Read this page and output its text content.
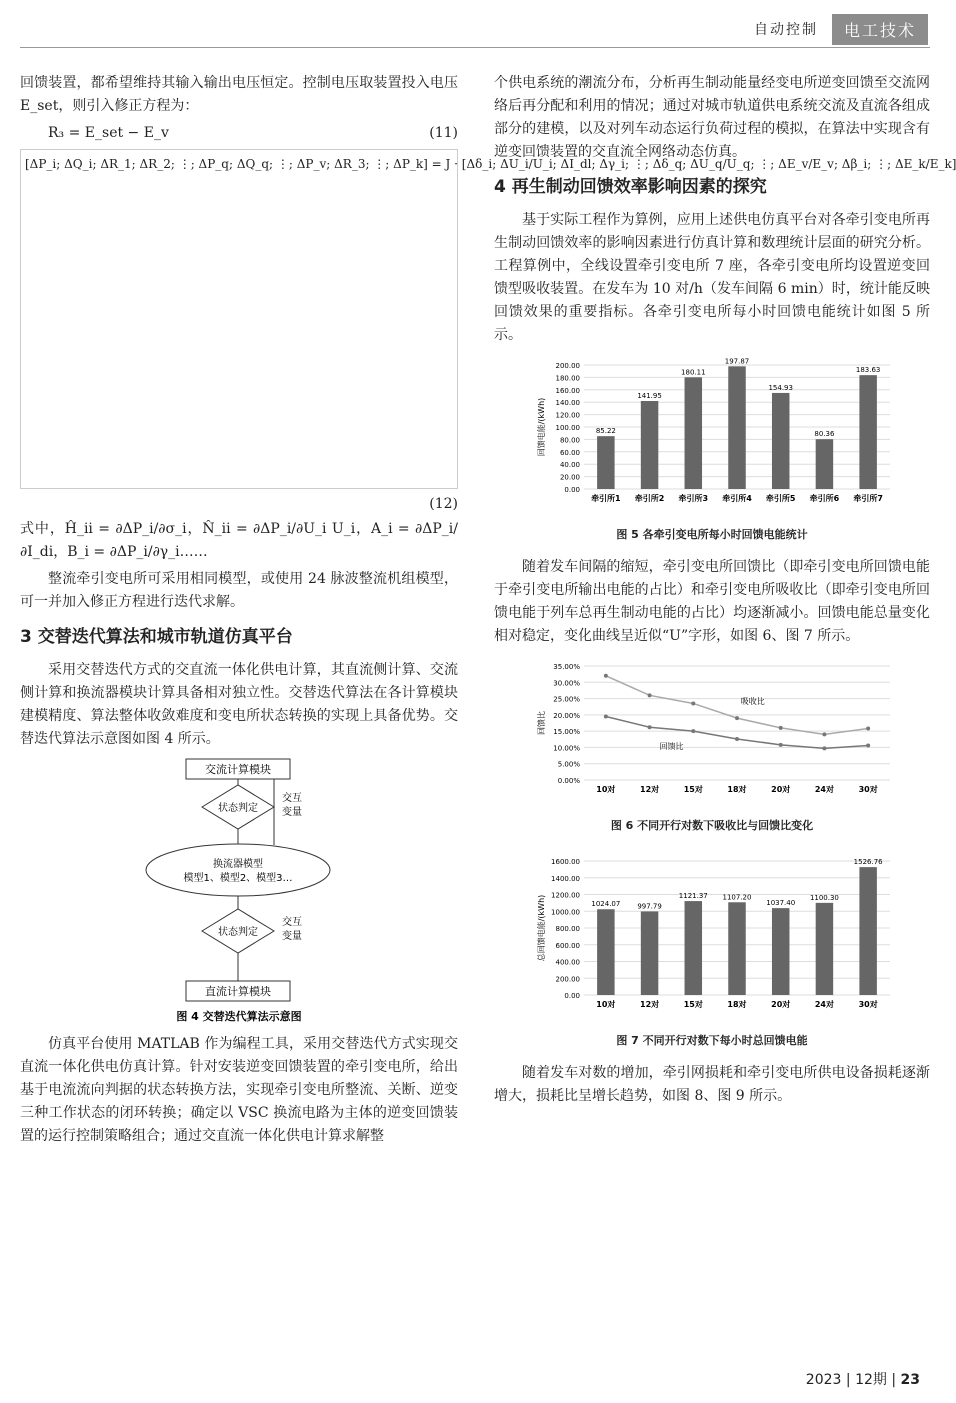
自动控制	电工技术

回馈装置，都希望维持其输入输出电压恒定。控制电压取装置投入电压 E_set，则引入修正方程为：

R₃ = E_set − E_v	(11)
[ΔP_i; ΔQ_i; ΔR_1; ΔR_2; ⋮; ΔP_q; ΔQ_q; ⋮; ΔP_v; ΔR_3; ⋮; ΔP_k] = J · [Δδ_i; ΔU_i/U_i; ΔI_dl; Δγ_i; ⋮; Δδ_q; ΔU_q/U_q; ⋮; ΔE_v/E_v; Δβ_i; ⋮; ΔE_k/E_k]
(12)

式中，Ĥ_ii = ∂ΔP_i/∂σ_i，N̂_ii = ∂ΔP_i/∂U_i U_i，A_i = ∂ΔP_i/∂I_di，B_i = ∂ΔP_i/∂γ_i……

整流牵引变电所可采用相同模型，或使用 24 脉波整流机组模型，可一并加入修正方程进行迭代求解。

3 交替迭代算法和城市轨道仿真平台

采用交替迭代方式的交直流一体化供电计算，其直流侧计算、交流侧计算和换流器模块计算具备相对独立性。交替迭代算法在各计算模块建模精度、算法整体收敛难度和变电所状态转换的实现上具备优势。交替迭代算法示意图如图 4 所示。

交流计算模块
状态判定
交互
变量
换流器模型
模型1、模型2、模型3…
状态判定
交互
变量
直流计算模块
图 4 交替迭代算法示意图

仿真平台使用 MATLAB 作为编程工具，采用交替迭代方式实现交直流一体化供电仿真计算。针对安装逆变回馈装置的牵引变电所，给出基于电流流向判据的状态转换方法，实现牵引变电所整流、关断、逆变三种工作状态的闭环转换；确定以 VSC 换流电路为主体的逆变回馈装置的运行控制策略组合；通过交直流一体化供电计算求解整

个供电系统的潮流分布，分析再生制动能量经变电所逆变回馈至交流网络后再分配和利用的情况；通过对城市轨道供电系统交流及直流各组成部分的建模，以及对列车动态运行负荷过程的模拟，在算法中实现含有逆变回馈装置的交直流全网络动态仿真。

4 再生制动回馈效率影响因素的探究

基于实际工程作为算例，应用上述供电仿真平台对各牵引变电所再生制动回馈效率的影响因素进行仿真计算和数理统计层面的研究分析。工程算例中，全线设置牵引变电所 7 座，各牵引变电所均设置逆变回馈型吸收装置。在发车为 10 对/h（发车间隔 6 min）时，统计能反映回馈效果的重要指标。各牵引变电所每小时回馈电能统计如图 5 所示。

0.00
20.00
40.00
60.00
80.00
100.00
120.00
140.00
160.00
180.00
200.00
回馈电能/(kWh)
牵引所1 牵引所2 牵引所3 牵引所4 牵引所5 牵引所6 牵引所7
85.22
141.95
180.11
197.87
154.93
80.36
183.63
图 5 各牵引变电所每小时回馈电能统计

随着发车间隔的缩短，牵引变电所回馈比（即牵引变电所回馈电能于牵引变电所输出电能的占比）和牵引变电所吸收比（即牵引变电所回馈电能于列车总再生制动电能的占比）均逐渐减小。回馈电能总量变化相对稳定，变化曲线呈近似“U”字形，如图 6、图 7 所示。

0.00%
5.00%
10.00%
15.00%
20.00%
25.00%
30.00%
35.00%
回馈比
10对	12对	15对	18对	20对	24对	30对
吸收比
回馈比
图 6 不同开行对数下吸收比与回馈比变化
0.00
200.00
400.00
600.00
800.00
1000.00
1200.00
1400.00
1600.00
总回馈电能/(kWh)
10对	12对	15对	18对	20对	24对	30对
1024.07 997.79
1121.37 1107.20
1037.40
1100.30
1526.76
图 7 不同开行对数下每小时总回馈电能

随着发车对数的增加，牵引网损耗和牵引变电所供电设备损耗逐渐增大，损耗比呈增长趋势，如图 8、图 9 所示。

2023 | 12期 | 23
